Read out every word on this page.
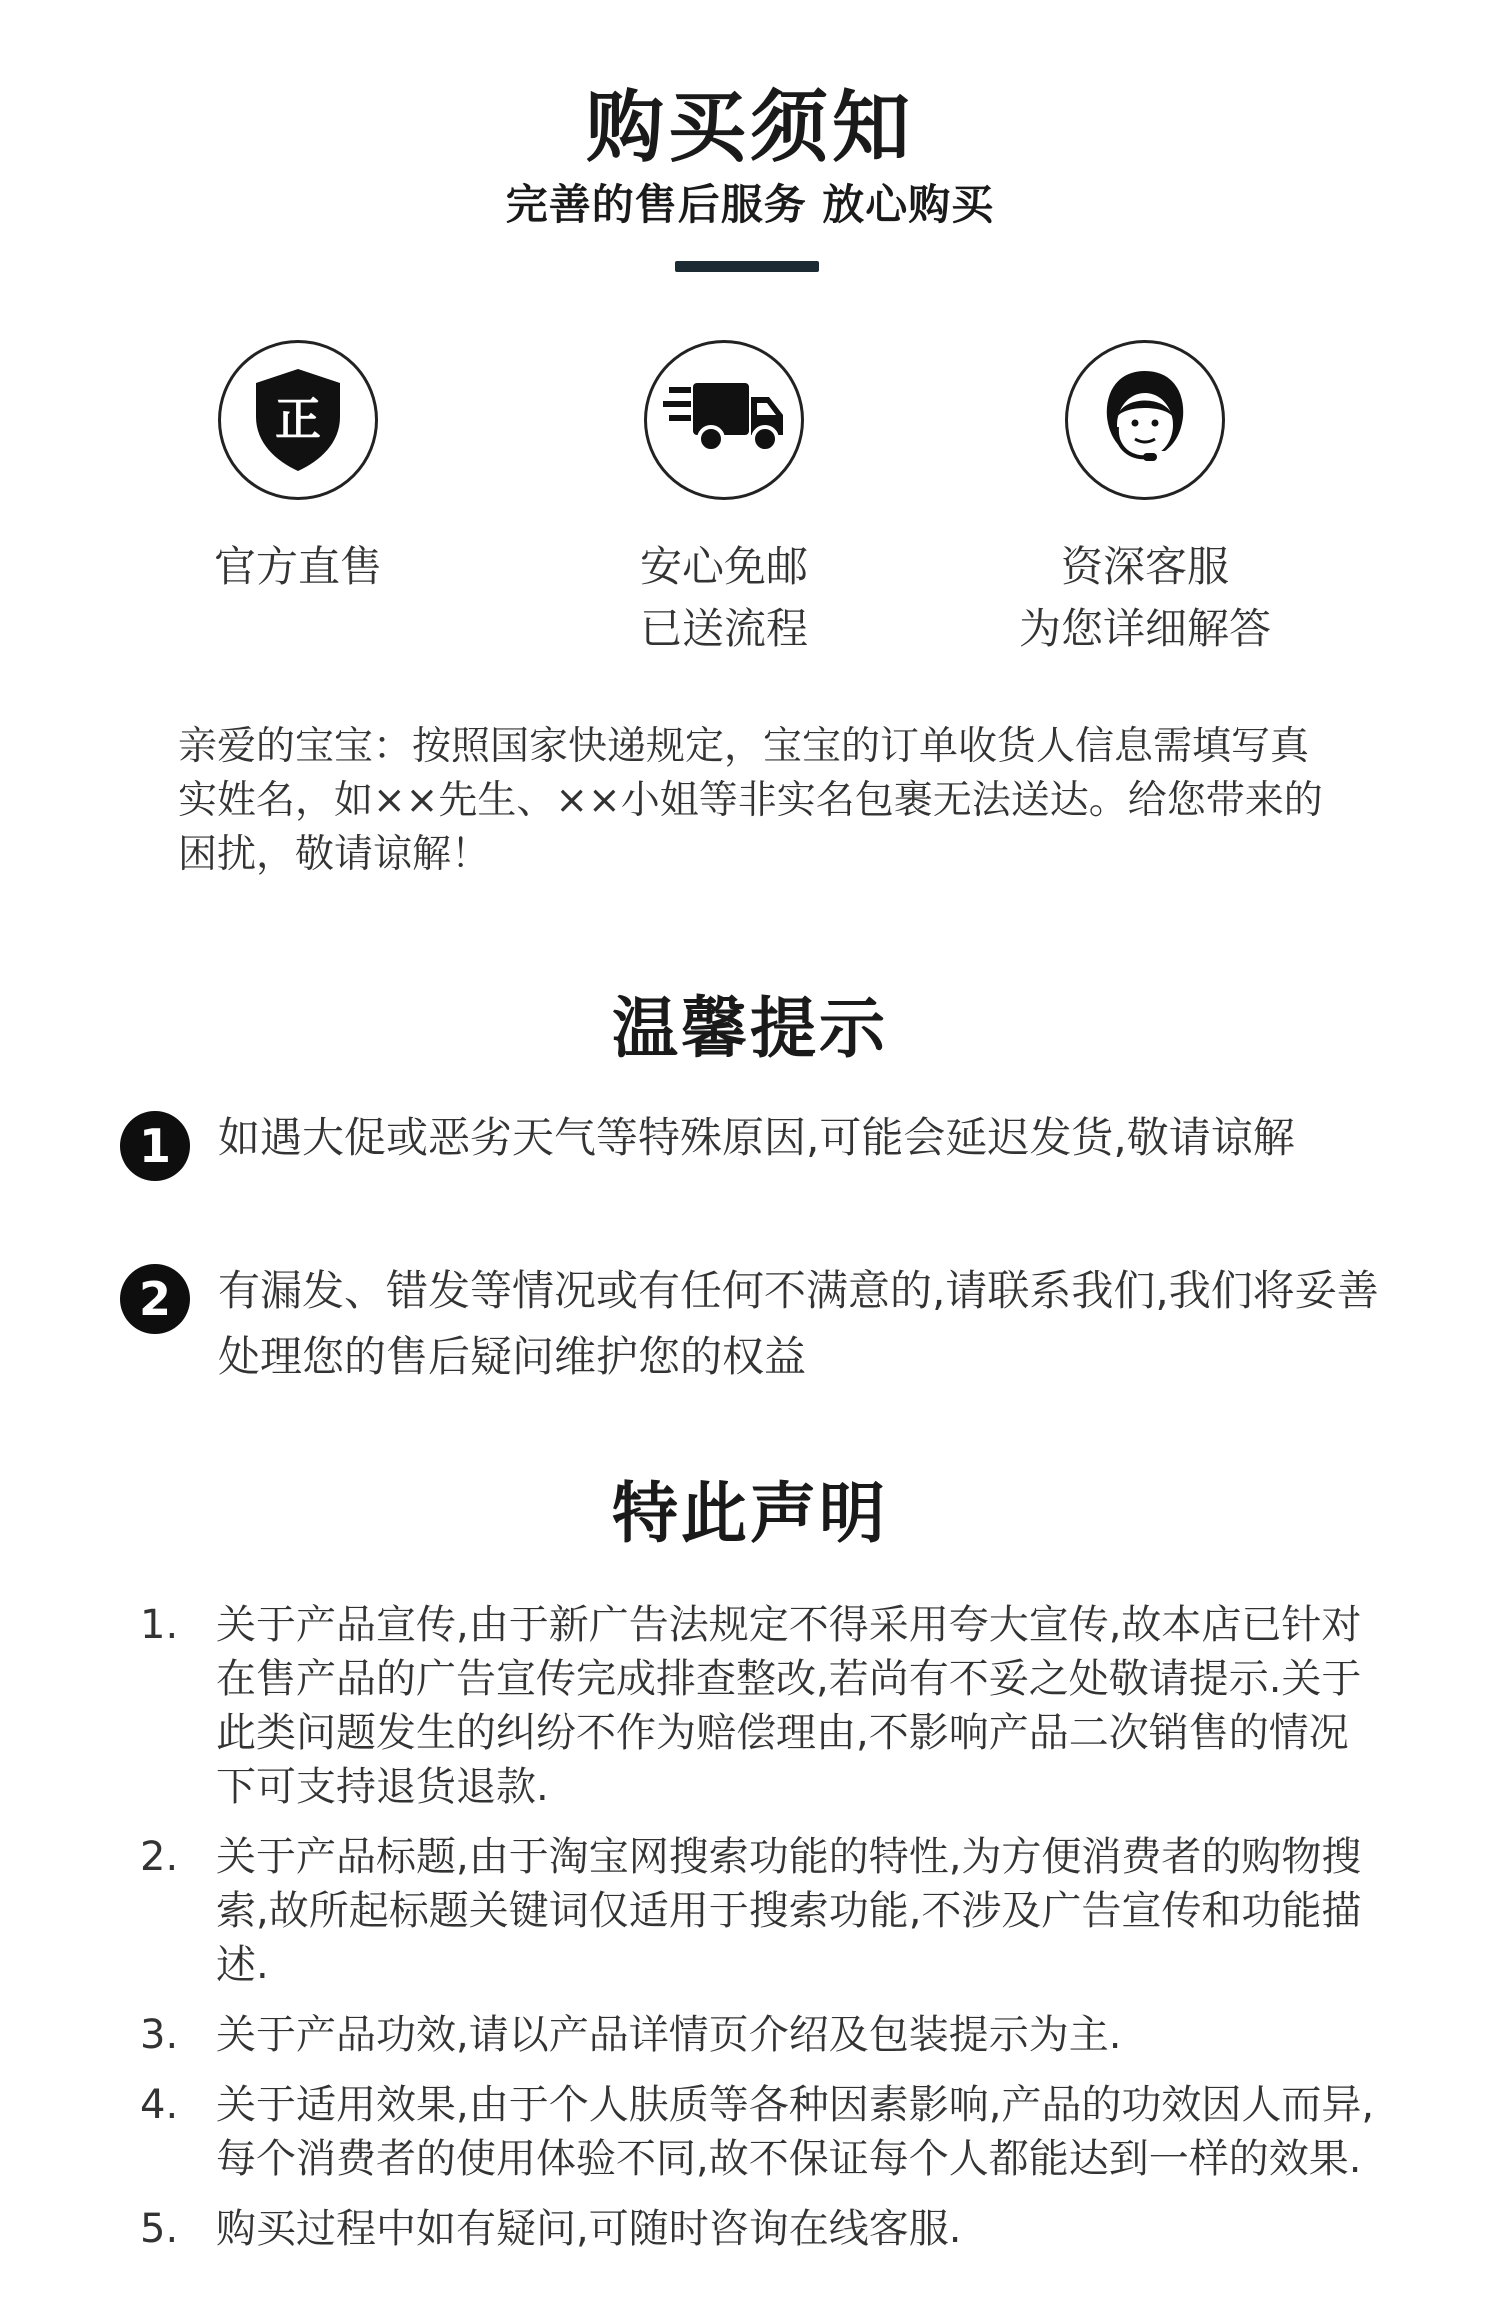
购买须知
完善的售后服务 放心购买
正
官方直售	安心免邮
已送流程
资深客服
为您详细解答
亲爱的宝宝：按照国家快递规定，宝宝的订单收货人信息需填写真实姓名，如××先生、××小姐等非实名包裹无法送达。给您带来的困扰，敬请谅解！
温馨提示
1	如遇大促或恶劣天气等特殊原因,可能会延迟发货,敬请谅解
2	有漏发、错发等情况或有任何不满意的,请联系我们,我们将妥善处理您的售后疑问维护您的权益
特此声明
1. 关于产品宣传,由于新广告法规定不得采用夸大宣传,故本店已针对在售产品的广告宣传完成排查整改,若尚有不妥之处敬请提示.关于此类问题发生的纠纷不作为赔偿理由,不影响产品二次销售的情况下可支持退货退款.
2. 关于产品标题,由于淘宝网搜索功能的特性,为方便消费者的购物搜索,故所起标题关键词仅适用于搜索功能,不涉及广告宣传和功能描述.
3. 关于产品功效,请以产品详情页介绍及包装提示为主.
4. 关于适用效果,由于个人肤质等各种因素影响,产品的功效因人而异,每个消费者的使用体验不同,故不保证每个人都能达到一样的效果.
5. 购买过程中如有疑问,可随时咨询在线客服.
